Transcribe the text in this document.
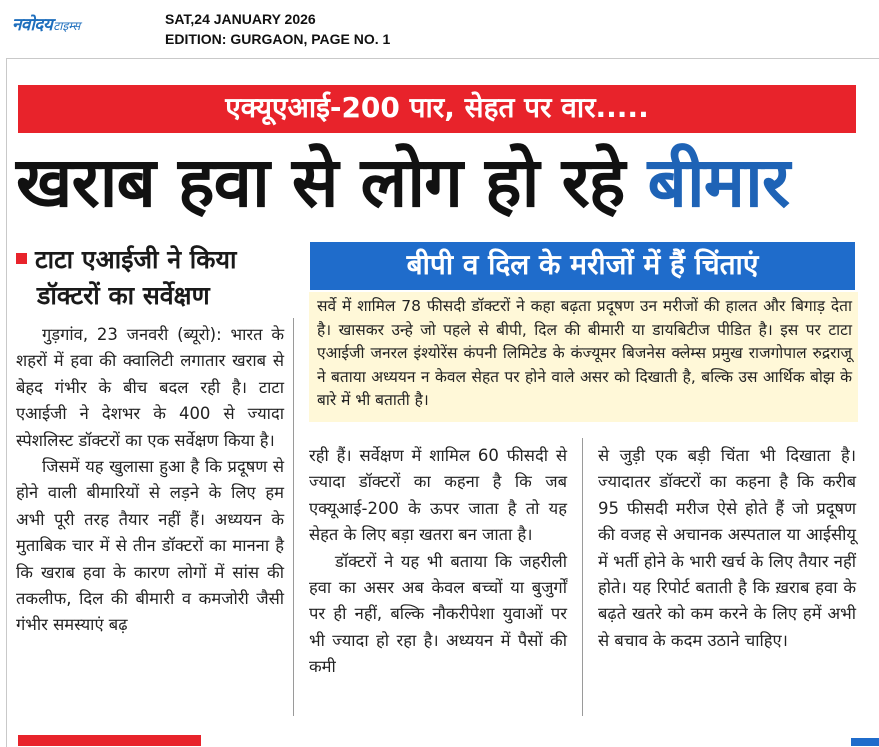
नवोदयटाइम्स	SAT,24 JANUARY 2026
EDITION: GURGAON, PAGE NO. 1
एक्यूएआई-200 पार, सेहत पर वार.....
खराब हवा से लोग हो रहे बीमार
टाटा एआईजी ने किया
डॉक्टरों का सर्वेक्षण
बीपी व दिल के मरीजों में हैं चिंताएं
सर्वे में शामिल 78 फीसदी डॉक्टरों ने कहा बढ़ता प्रदूषण उन मरीजों की हालत और बिगाड़ देता है। खासकर उन्हे जो पहले से बीपी, दिल की बीमारी या डायबिटीज पीडित है। इस पर टाटा एआईजी जनरल इंश्योरेंस कंपनी लिमिटेड के कंज्यूमर बिजनेस क्लेम्स प्रमुख राजगोपाल रुद्रराजू ने बताया अध्ययन न केवल सेहत पर होने वाले असर को दिखाती है, बल्कि उस आर्थिक बोझ के बारे में भी बताती है।

गुड़गांव, 23 जनवरी (ब्यूरो): भारत के शहरों में हवा की क्वालिटी लगातार खराब से बेहद गंभीर के बीच बदल रही है। टाटा एआईजी ने देशभर के 400 से ज्यादा स्पेशलिस्ट डॉक्टरों का एक सर्वेक्षण किया है।

जिसमें यह खुलासा हुआ है कि प्रदूषण से होने वाली बीमारियों से लड़ने के लिए हम अभी पूरी तरह तैयार नहीं हैं। अध्ययन के मुताबिक चार में से तीन डॉक्टरों का मानना है कि खराब हवा के कारण लोगों में सांस की तकलीफ, दिल की बीमारी व कमजोरी जैसी गंभीर समस्याएं बढ़

रही हैं। सर्वेक्षण में शामिल 60 फीसदी से ज्यादा डॉक्टरों का कहना है कि जब एक्यूआई-200 के ऊपर जाता है तो यह सेहत के लिए बड़ा खतरा बन जाता है।

डॉक्टरों ने यह भी बताया कि जहरीली हवा का असर अब केवल बच्चों या बुजुर्गों पर ही नहीं, बल्कि नौकरीपेशा युवाओं पर भी ज्यादा हो रहा है। अध्ययन में पैसों की कमी

से जुड़ी एक बड़ी चिंता भी दिखाता है। ज्यादातर डॉक्टरों का कहना है कि करीब 95 फीसदी मरीज ऐसे होते हैं जो प्रदूषण की वजह से अचानक अस्पताल या आईसीयू में भर्ती होने के भारी खर्च के लिए तैयार नहीं होते। यह रिपोर्ट बताती है कि ख़राब हवा के बढ़ते खतरे को कम करने के लिए हमें अभी से बचाव के कदम उठाने चाहिए।
